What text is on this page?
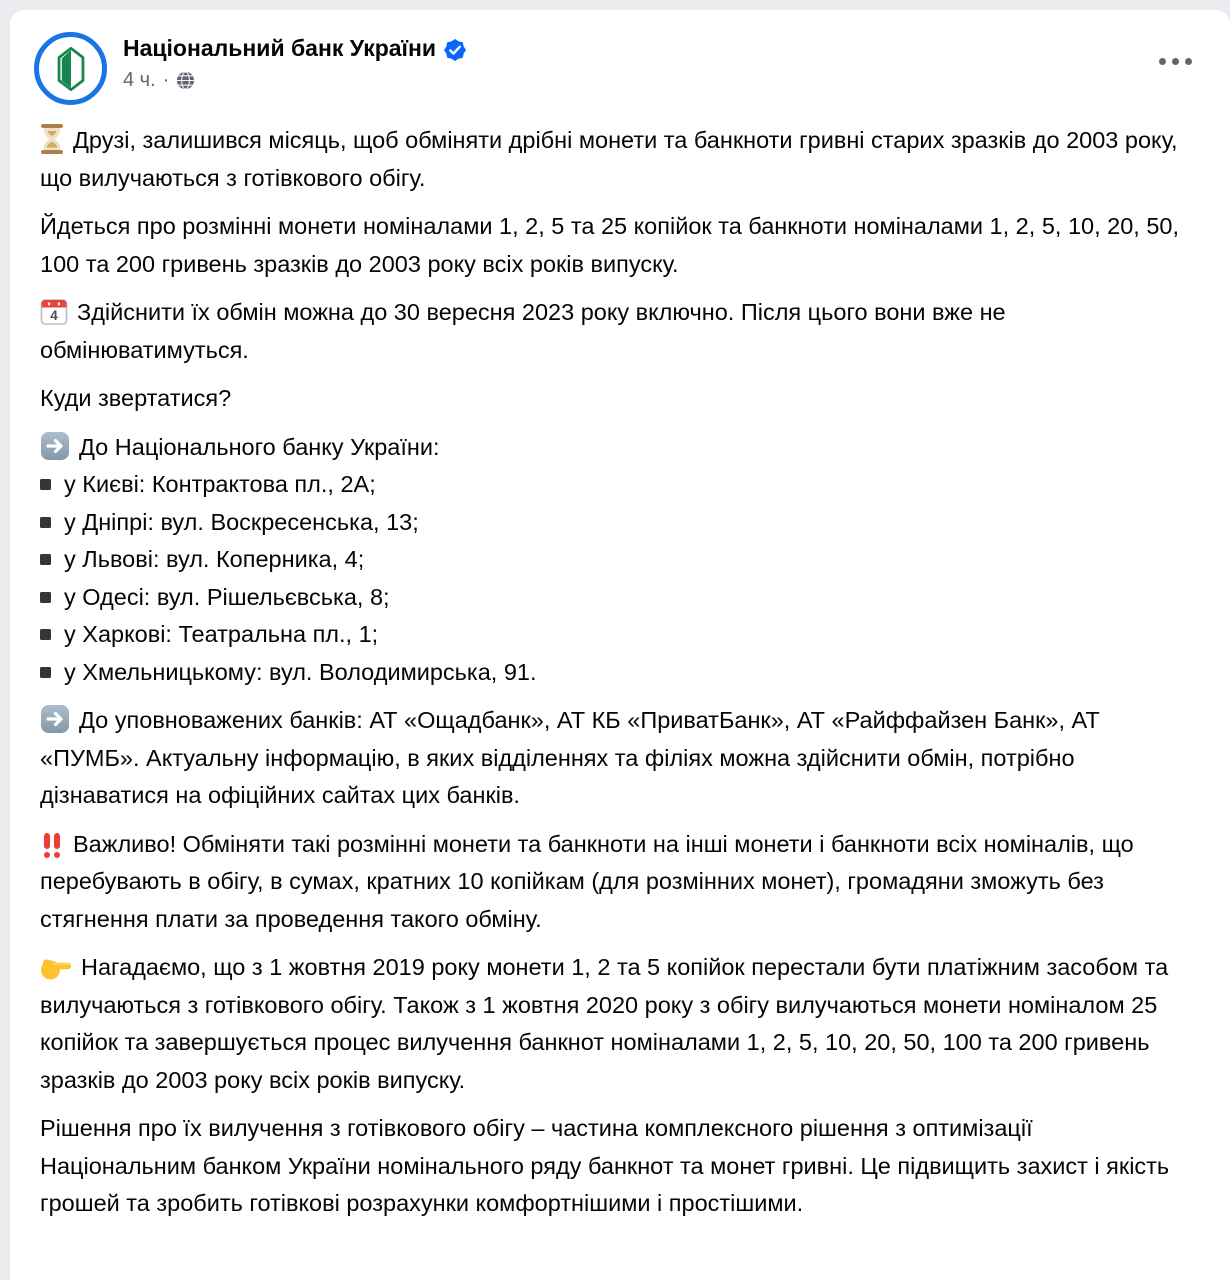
Національний банк України
4 ч. ·
Друзі, залишився місяць, щоб обміняти дрібні монети та банкноти гривні старих зразків до 2003 року, що вилучаються з готівкового обігу.
Йдеться про розмінні монети номіналами 1, 2, 5 та 25 копійок та банкноти номіналами 1, 2, 5, 10, 20, 50, 100 та 200 гривень зразків до 2003 року всіх років випуску.
4 Здійснити їх обмін можна до 30 вересня 2023 року включно. Після цього вони вже не обмінюватимуться.
Куди звертатися?
До Національного банку України:
у Києві: Контрактова пл., 2А;
у Дніпрі: вул. Воскресенська, 13;
у Львові: вул. Коперника, 4;
у Одесі: вул. Рішельєвська, 8;
у Харкові: Театральна пл., 1;
у Хмельницькому: вул. Володимирська, 91.
До уповноважених банків: АТ «Ощадбанк», АТ КБ «ПриватБанк», АТ «Райффайзен Банк», АТ «ПУМБ». Актуальну інформацію, в яких відділеннях та філіях можна здійснити обмін, потрібно дізнаватися на офіційних сайтах цих банків.
Важливо! Обміняти такі розмінні монети та банкноти на інші монети і банкноти всіх номіналів, що перебувають в обігу, в сумах, кратних 10 копійкам (для розмінних монет), громадяни зможуть без стягнення плати за проведення такого обміну.
Нагадаємо, що з 1 жовтня 2019 року монети 1, 2 та 5 копійок перестали бути платіжним засобом та вилучаються з готівкового обігу. Також з 1 жовтня 2020 року з обігу вилучаються монети номіналом 25 копійок та завершується процес вилучення банкнот номіналами 1, 2, 5, 10, 20, 50, 100 та 200 гривень зразків до 2003 року всіх років випуску.
Рішення про їх вилучення з готівкового обігу – частина комплексного рішення з оптимізації Національним банком України номінального ряду банкнот та монет гривні. Це підвищить захист і якість грошей та зробить готівкові розрахунки комфортнішими і простішими.
